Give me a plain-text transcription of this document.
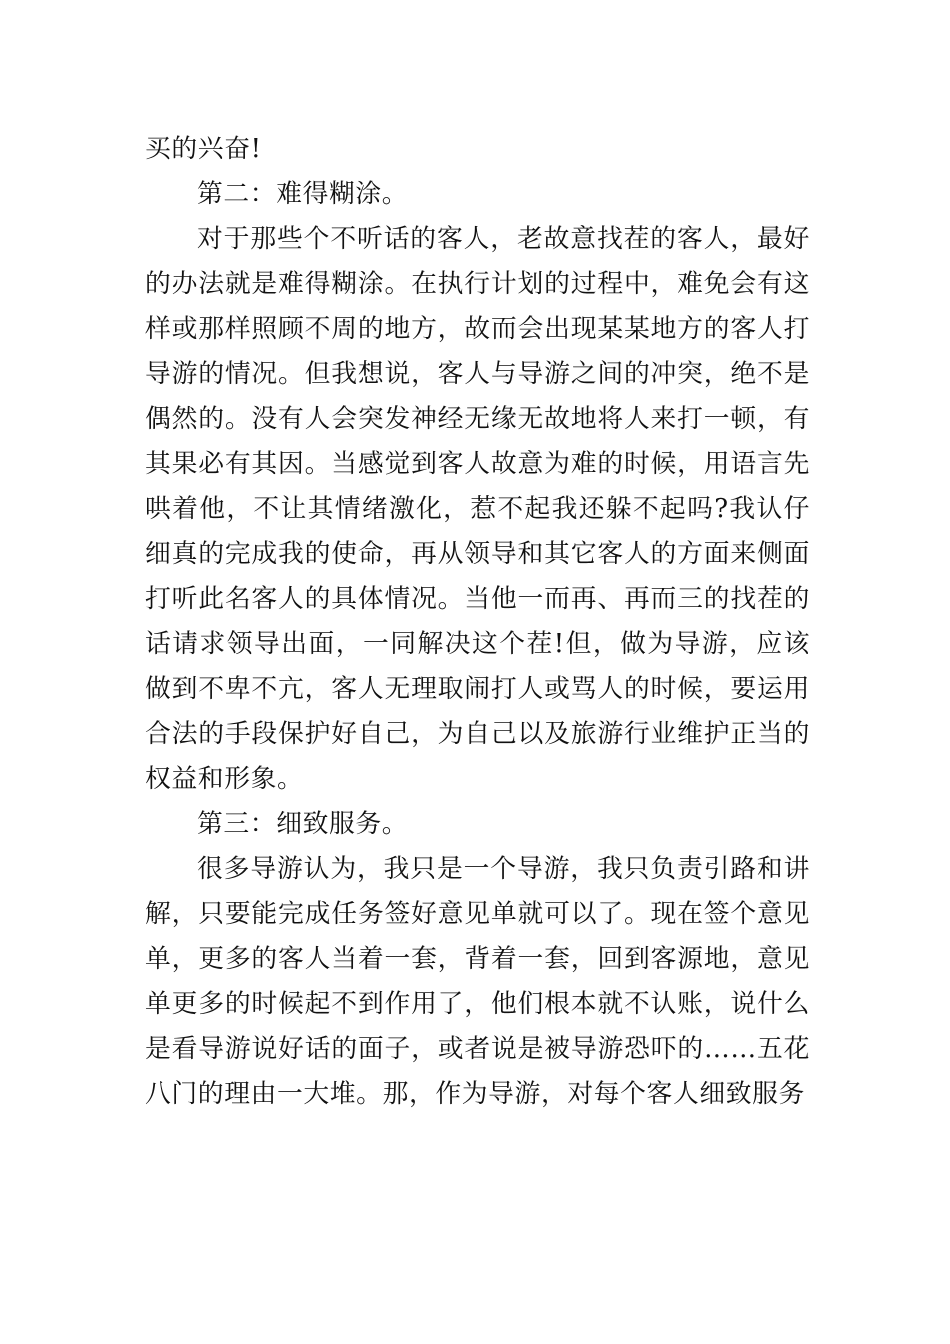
买的兴奋!

第二：难得糊涂。

对于那些个不听话的客人，老故意找茬的客人，最好的办法就是难得糊涂。在执行计划的过程中，难免会有这样或那样照顾不周的地方，故而会出现某某地方的客人打导游的情况。但我想说，客人与导游之间的冲突，绝不是偶然的。没有人会突发神经无缘无故地将人来打一顿，有其果必有其因。当感觉到客人故意为难的时候，用语言先哄着他，不让其情绪激化，惹不起我还躲不起吗?我认仔细真的完成我的使命，再从领导和其它客人的方面来侧面打听此名客人的具体情况。当他一而再、再而三的找茬的话请求领导出面，一同解决这个茬!但，做为导游，应该做到不卑不亢，客人无理取闹打人或骂人的时候，要运用合法的手段保护好自己，为自己以及旅游行业维护正当的权益和形象。

第三：细致服务。

很多导游认为，我只是一个导游，我只负责引路和讲解，只要能完成任务签好意见单就可以了。现在签个意见单，更多的客人当着一套，背着一套，回到客源地，意见单更多的时候起不到作用了，他们根本就不认账，说什么是看导游说好话的面子，或者说是被导游恐吓的……五花八门的理由一大堆。那，作为导游，对每个客人细致服务
